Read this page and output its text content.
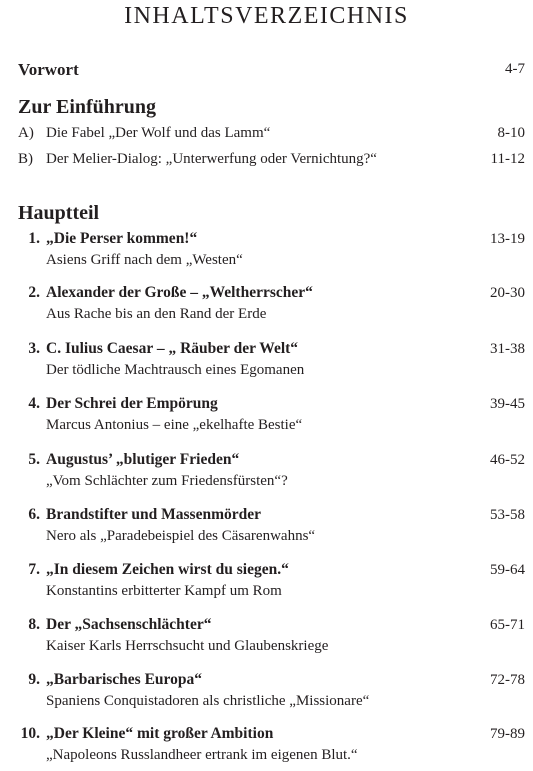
INHALTSVERZEICHNIS
Vorwort	4-7
Zur Einführung
A) Die Fabel „Der Wolf und das Lamm“	8-10
B) Der Melier-Dialog: „Unterwerfung oder Vernichtung?“	11-12
Hauptteil
1. „Die Perser kommen!“	13-19
Asiens Griff nach dem „Westen“
2. Alexander der Große – „Weltherrscher“	20-30
Aus Rache bis an den Rand der Erde
3. C. Iulius Caesar – „ Räuber der Welt“	31-38
Der tödliche Machtrausch eines Egomanen
4. Der Schrei der Empörung	39-45
Marcus Antonius – eine „ekelhafte Bestie“
5. Augustus’ „blutiger Frieden“	46-52
„Vom Schlächter zum Friedensfürsten“?
6. Brandstifter und Massenmörder	53-58
Nero als „Paradebeispiel des Cäsarenwahns“
7. „In diesem Zeichen wirst du siegen.“	59-64
Konstantins erbitterter Kampf um Rom
8. Der „Sachsenschlächter“	65-71
Kaiser Karls Herrschsucht und Glaubenskriege
9. „Barbarisches Europa“	72-78
Spaniens Conquistadoren als christliche „Missionare“
10. „Der Kleine“ mit großer Ambition	79-89
„Napoleons Russlandheer ertrank im eigenen Blut.“
